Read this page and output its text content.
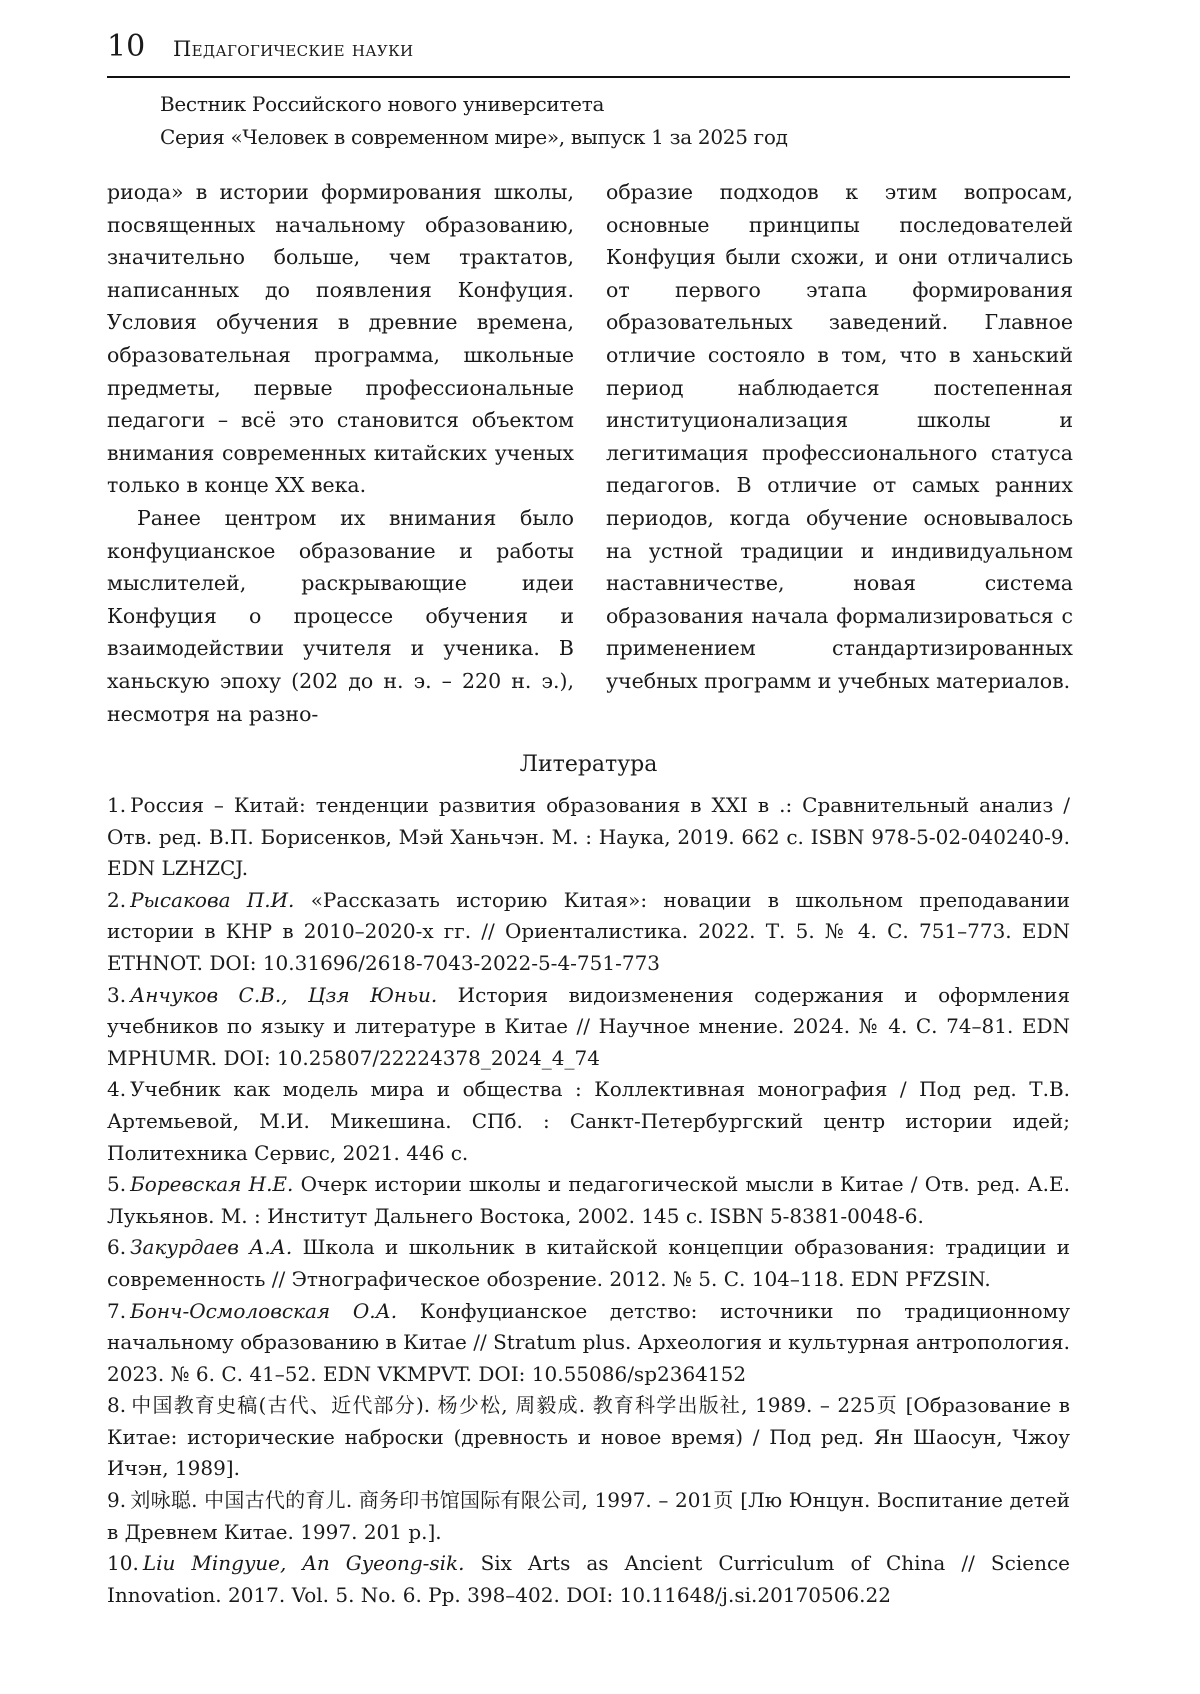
10 Педагогические науки
Вестник Российского нового университета
Серия «Человек в современном мире», выпуск 1 за 2025 год

риода» в истории формирования школы, посвященных начальному образованию, значительно больше, чем трактатов, написанных до появления Конфуция. Условия обучения в древние времена, образовательная программа, школьные предметы, первые профессиональные педагоги – всё это становится объектом внимания современных китайских ученых только в конце XX века.

Ранее центром их внимания было конфуцианское образование и работы мыслителей, раскрывающие идеи Конфуция о процессе обучения и взаимодействии учителя и ученика. В ханьскую эпоху (202 до н. э. – 220 н. э.), несмотря на разно-

образие подходов к этим вопросам, основные принципы последователей Конфуция были схожи, и они отличались от первого этапа формирования образовательных заведений. Главное отличие состояло в том, что в ханьский период наблюдается постепенная институционализация школы и легитимация профессионального статуса педагогов. В отличие от самых ранних периодов, когда обучение основывалось на устной традиции и индивидуальном наставничестве, новая система образования начала формализироваться с применением стандартизированных учебных программ и учебных материалов.

Литература

1. Россия – Китай: тенденции развития образования в XXI в .: Сравнительный анализ / Отв. ред. В.П. Борисенков, Мэй Ханьчэн. М. : Наука, 2019. 662 с. ISBN 978-5-02-040240-9. EDN LZHZCJ.

2. Рысакова П.И. «Рассказать историю Китая»: новации в школьном преподавании истории в КНР в 2010–2020-х гг. // Ориенталистика. 2022. Т. 5. № 4. С. 751–773. EDN ETHNOT. DOI: 10.31696/2618-7043-2022-5-4-751-773

3. Анчуков С.В., Цзя Юньи. История видоизменения содержания и оформления учебников по языку и литературе в Китае // Научное мнение. 2024. № 4. С. 74–81. EDN MPHUMR. DOI: 10.25807/22224378_2024_4_74

4. Учебник как модель мира и общества : Коллективная монография / Под ред. Т.В. Артемьевой, М.И. Микешина. СПб. : Санкт-Петербургский центр истории идей; Политехника Сервис, 2021. 446 с.

5. Боревская Н.Е. Очерк истории школы и педагогической мысли в Китае / Отв. ред. А.Е. Лукьянов. М. : Институт Дальнего Востока, 2002. 145 с. ISBN 5-8381-0048-6.

6. Закурдаев А.А. Школа и школьник в китайской концепции образования: традиции и современность // Этнографическое обозрение. 2012. № 5. С. 104–118. EDN PFZSIN.

7. Бонч-Осмоловская О.А. Конфуцианское детство: источники по традиционному начальному образованию в Китае // Stratum plus. Археология и культурная антропология. 2023. № 6. С. 41–52. EDN VKMPVT. DOI: 10.55086/sp2364152

8. 中国教育史稿(古代、近代部分). 杨少松, 周毅成. 教育科学出版社, 1989. – 225页 [Образование в Китае: исторические наброски (древность и новое время) / Под ред. Ян Шаосун, Чжоу Ичэн, 1989].

9. 刘咏聪. 中国古代的育儿. 商务印书馆国际有限公司, 1997. – 201页 [Лю Юнцун. Воспитание детей в Древнем Китае. 1997. 201 p.].

10. Liu Mingyue, An Gyeong-sik. Six Arts as Ancient Curriculum of China // Science Innovation. 2017. Vol. 5. No. 6. Pp. 398–402. DOI: 10.11648/j.si.20170506.22
